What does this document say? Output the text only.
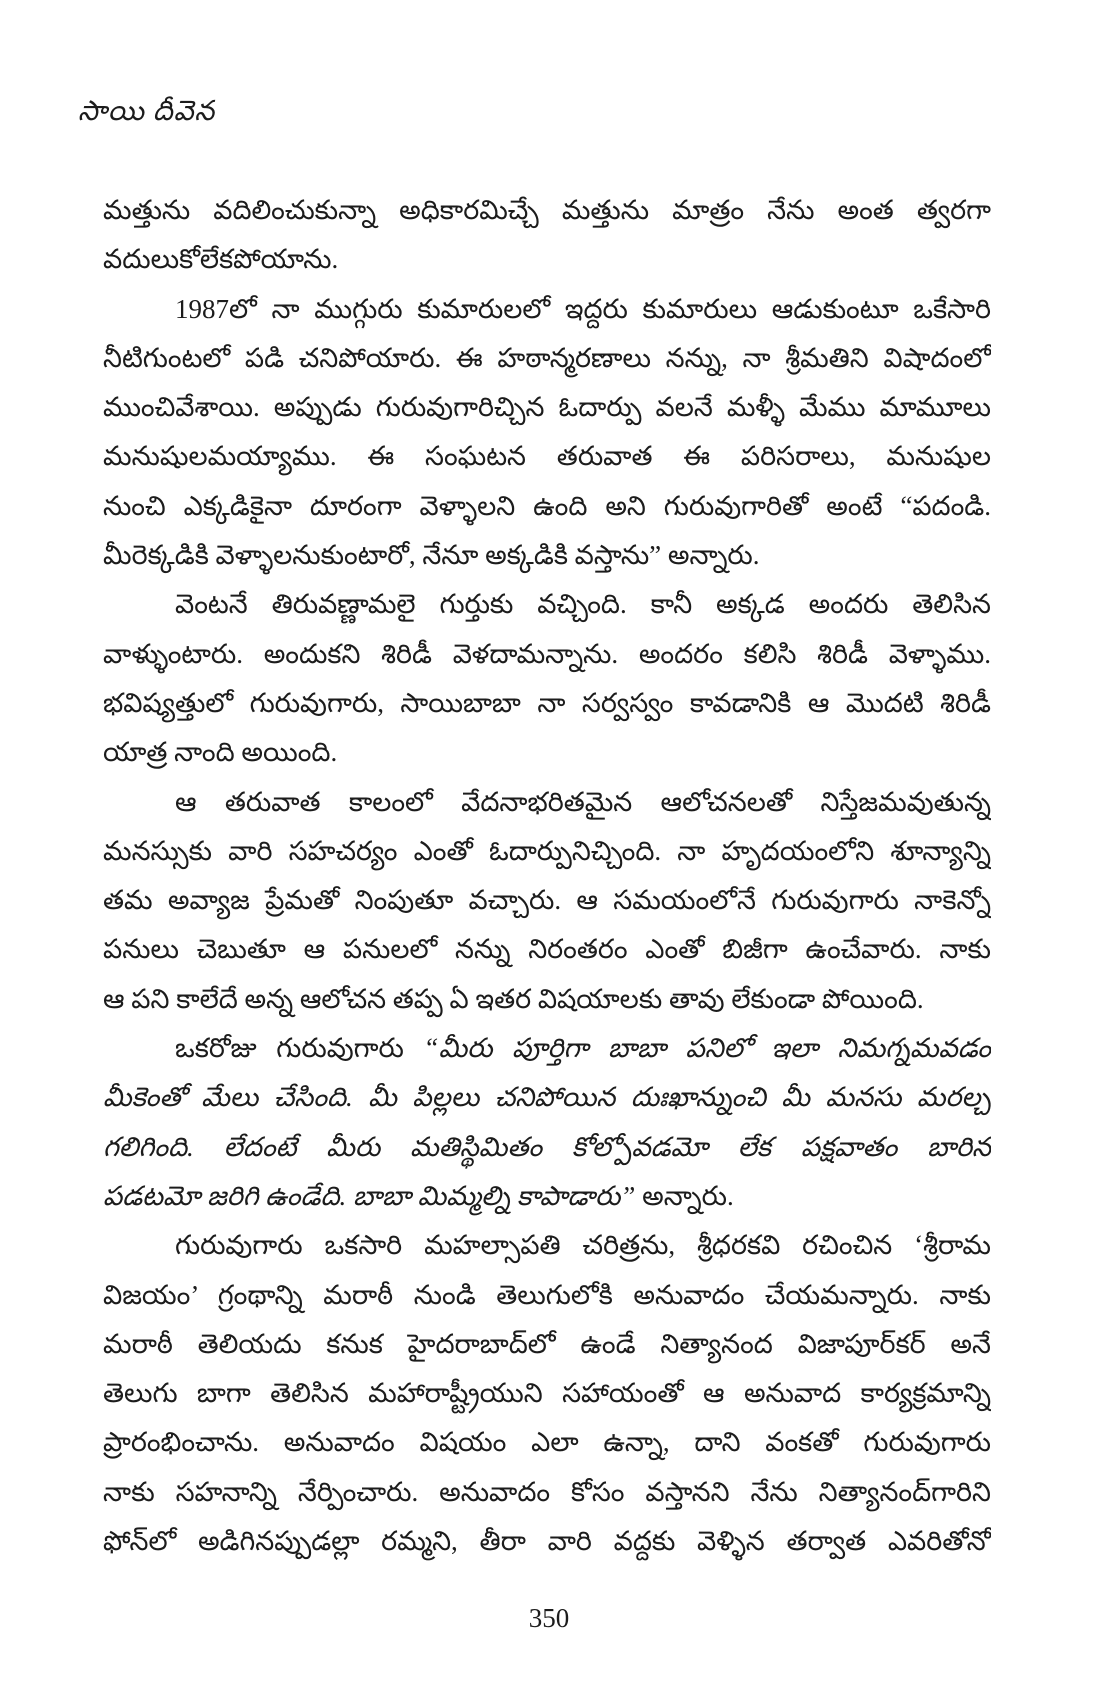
సాయి దీవెన
మత్తును వదిలించుకున్నా అధికారమిచ్చే మత్తును మాత్రం నేను అంత త్వరగా
వదులుకోలేకపోయాను.
1987లో నా ముగ్గురు కుమారులలో ఇద్దరు కుమారులు ఆడుకుంటూ ఒకేసారి
నీటిగుంటలో పడి చనిపోయారు. ఈ హఠాన్మరణాలు నన్ను, నా శ్రీమతిని విషాదంలో
ముంచివేశాయి. అప్పుడు గురువుగారిచ్చిన ఓదార్పు వలనే మళ్ళీ మేము మామూలు
మనుషులమయ్యాము. ఈ సంఘటన తరువాత ఈ పరిసరాలు, మనుషుల
నుంచి ఎక్కడికైనా దూరంగా వెళ్ళాలని ఉంది అని గురువుగారితో అంటే “పదండి.
మీరెక్కడికి వెళ్ళాలనుకుంటారో, నేనూ అక్కడికి వస్తాను” అన్నారు.
వెంటనే తిరువణ్ణామలై గుర్తుకు వచ్చింది. కానీ అక్కడ అందరు తెలిసిన
వాళ్ళుంటారు. అందుకని శిరిడీ వెళదామన్నాను. అందరం కలిసి శిరిడీ వెళ్ళాము.
భవిష్యత్తులో గురువుగారు, సాయిబాబా నా సర్వస్వం కావడానికి ఆ మొదటి శిరిడీ
యాత్ర నాంది అయింది.
ఆ తరువాత కాలంలో వేదనాభరితమైన ఆలోచనలతో నిస్తేజమవుతున్న
మనస్సుకు వారి సహచర్యం ఎంతో ఓదార్పునిచ్చింది. నా హృదయంలోని శూన్యాన్ని
తమ అవ్యాజ ప్రేమతో నింపుతూ వచ్చారు. ఆ సమయంలోనే గురువుగారు నాకెన్నో
పనులు చెబుతూ ఆ పనులలో నన్ను నిరంతరం ఎంతో బిజీగా ఉంచేవారు. నాకు
ఆ పని కాలేదే అన్న ఆలోచన తప్ప ఏ ఇతర విషయాలకు తావు లేకుండా పోయింది.
ఒకరోజు గురువుగారు “మీరు పూర్తిగా బాబా పనిలో ఇలా నిమగ్నమవడం
మీకెంతో మేలు చేసింది. మీ పిల్లలు చనిపోయిన దుఃఖాన్నుంచి మీ మనసు మరల్చ
గలిగింది. లేదంటే మీరు మతిస్థిమితం కోల్పోవడమో లేక పక్షవాతం బారిన
పడటమో జరిగి ఉండేది. బాబా మిమ్మల్ని కాపాడారు” అన్నారు.
గురువుగారు ఒకసారి మహల్సాపతి చరిత్రను, శ్రీధరకవి రచించిన ‘శ్రీరామ
విజయం’ గ్రంథాన్ని మరాఠీ నుండి తెలుగులోకి అనువాదం చేయమన్నారు. నాకు
మరాఠీ తెలియదు కనుక హైదరాబాద్‌లో ఉండే నిత్యానంద విజాపూర్‌కర్ అనే
తెలుగు బాగా తెలిసిన మహారాష్ట్రీయుని సహాయంతో ఆ అనువాద కార్యక్రమాన్ని
ప్రారంభించాను. అనువాదం విషయం ఎలా ఉన్నా, దాని వంకతో గురువుగారు
నాకు సహనాన్ని నేర్పించారు. అనువాదం కోసం వస్తానని నేను నిత్యానంద్‌గారిని
ఫోన్‌లో అడిగినప్పుడల్లా రమ్మని, తీరా వారి వద్దకు వెళ్ళిన తర్వాత ఎవరితోనో
350
